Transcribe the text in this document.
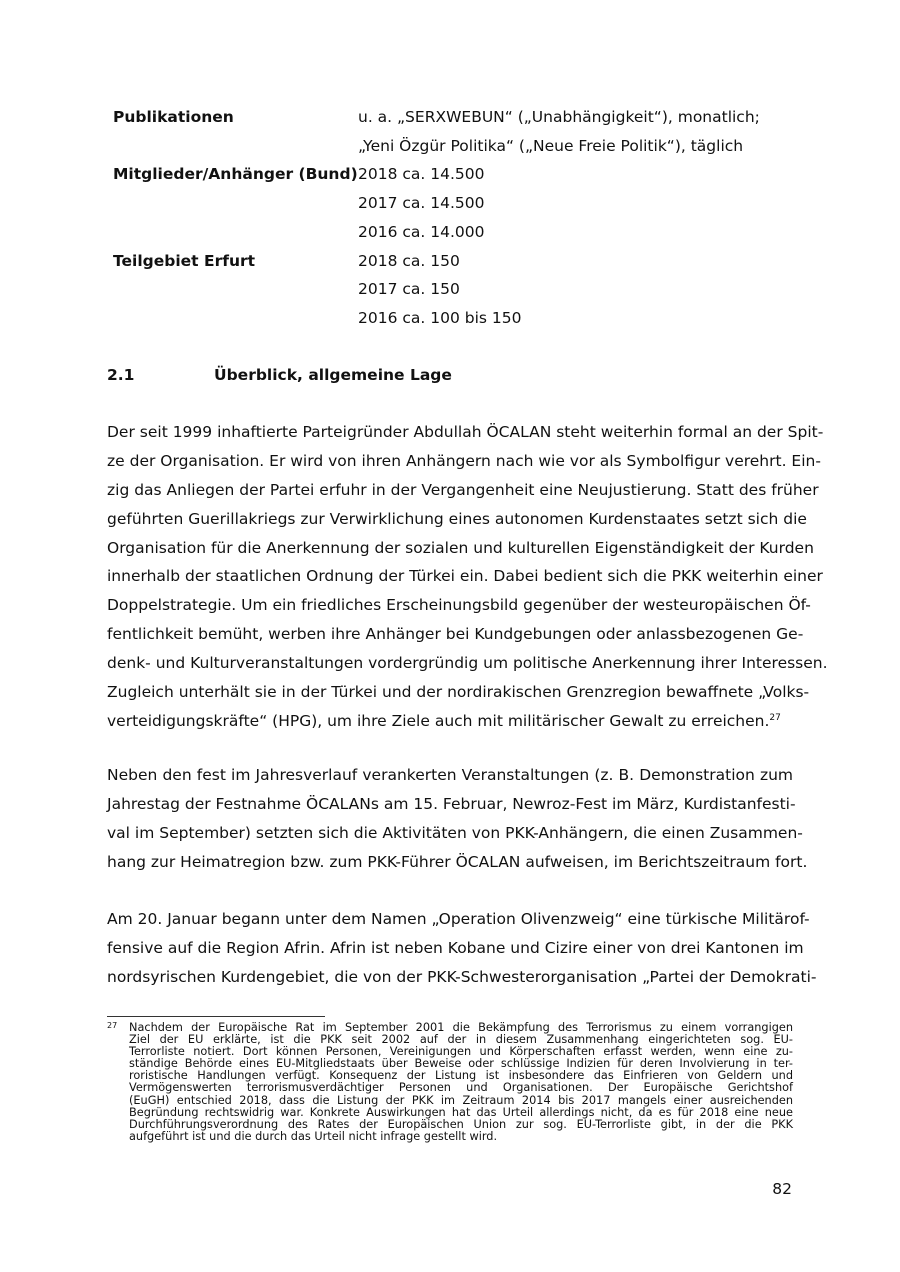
Publikationen	u. a. „SERXWEBUN“ („Unabhängigkeit“), monatlich;
„Yeni Özgür Politika“ („Neue Freie Politik“), täglich
Mitglieder/Anhänger (Bund) 2018 ca. 14.500
2017 ca. 14.500
2016 ca. 14.000
Teilgebiet Erfurt	2018 ca. 150
2017 ca. 150
2016 ca. 100 bis 150
2.1	Überblick, allgemeine Lage
Der seit 1999 inhaftierte Parteigründer Abdullah ÖCALAN steht weiterhin formal an der Spit-
ze der Organisation. Er wird von ihren Anhängern nach wie vor als Symbolfigur verehrt. Ein-
zig das Anliegen der Partei erfuhr in der Vergangenheit eine Neujustierung. Statt des früher
geführten Guerillakriegs zur Verwirklichung eines autonomen Kurdenstaates setzt sich die
Organisation für die Anerkennung der sozialen und kulturellen Eigenständigkeit der Kurden
innerhalb der staatlichen Ordnung der Türkei ein. Dabei bedient sich die PKK weiterhin einer
Doppelstrategie. Um ein friedliches Erscheinungsbild gegenüber der westeuropäischen Öf-
fentlichkeit bemüht, werben ihre Anhänger bei Kundgebungen oder anlassbezogenen Ge-
denk- und Kulturveranstaltungen vordergründig um politische Anerkennung ihrer Interessen.
Zugleich unterhält sie in der Türkei und der nordirakischen Grenzregion bewaffnete „Volks-
verteidigungskräfte“ (HPG), um ihre Ziele auch mit militärischer Gewalt zu erreichen.$^{27}$
Neben den fest im Jahresverlauf verankerten Veranstaltungen (z. B. Demonstration zum
Jahrestag der Festnahme ÖCALANs am 15. Februar, Newroz-Fest im März, Kurdistanfesti-
val im September) setzten sich die Aktivitäten von PKK-Anhängern, die einen Zusammen-
hang zur Heimatregion bzw. zum PKK-Führer ÖCALAN aufweisen, im Berichtszeitraum fort.
Am 20. Januar begann unter dem Namen „Operation Olivenzweig“ eine türkische Militärof-
fensive auf die Region Afrin. Afrin ist neben Kobane und Cizire einer von drei Kantonen im
nordsyrischen Kurdengebiet, die von der PKK-Schwesterorganisation „Partei der Demokrati-
27 Nachdem der Europäische Rat im September 2001 die Bekämpfung des Terrorismus zu einem vorrangigen
Ziel der EU erklärte, ist die PKK seit 2002 auf der in diesem Zusammenhang eingerichteten sog. EU-
Terrorliste notiert. Dort können Personen, Vereinigungen und Körperschaften erfasst werden, wenn eine zu-
ständige Behörde eines EU-Mitgliedstaats über Beweise oder schlüssige Indizien für deren Involvierung in ter-
roristische Handlungen verfügt. Konsequenz der Listung ist insbesondere das Einfrieren von Geldern und
Vermögenswerten terrorismusverdächtiger Personen und Organisationen. Der Europäische Gerichtshof
(EuGH) entschied 2018, dass die Listung der PKK im Zeitraum 2014 bis 2017 mangels einer ausreichenden
Begründung rechtswidrig war. Konkrete Auswirkungen hat das Urteil allerdings nicht, da es für 2018 eine neue
Durchführungsverordnung des Rates der Europäischen Union zur sog. EU-Terrorliste gibt, in der die PKK
aufgeführt ist und die durch das Urteil nicht infrage gestellt wird.
82
